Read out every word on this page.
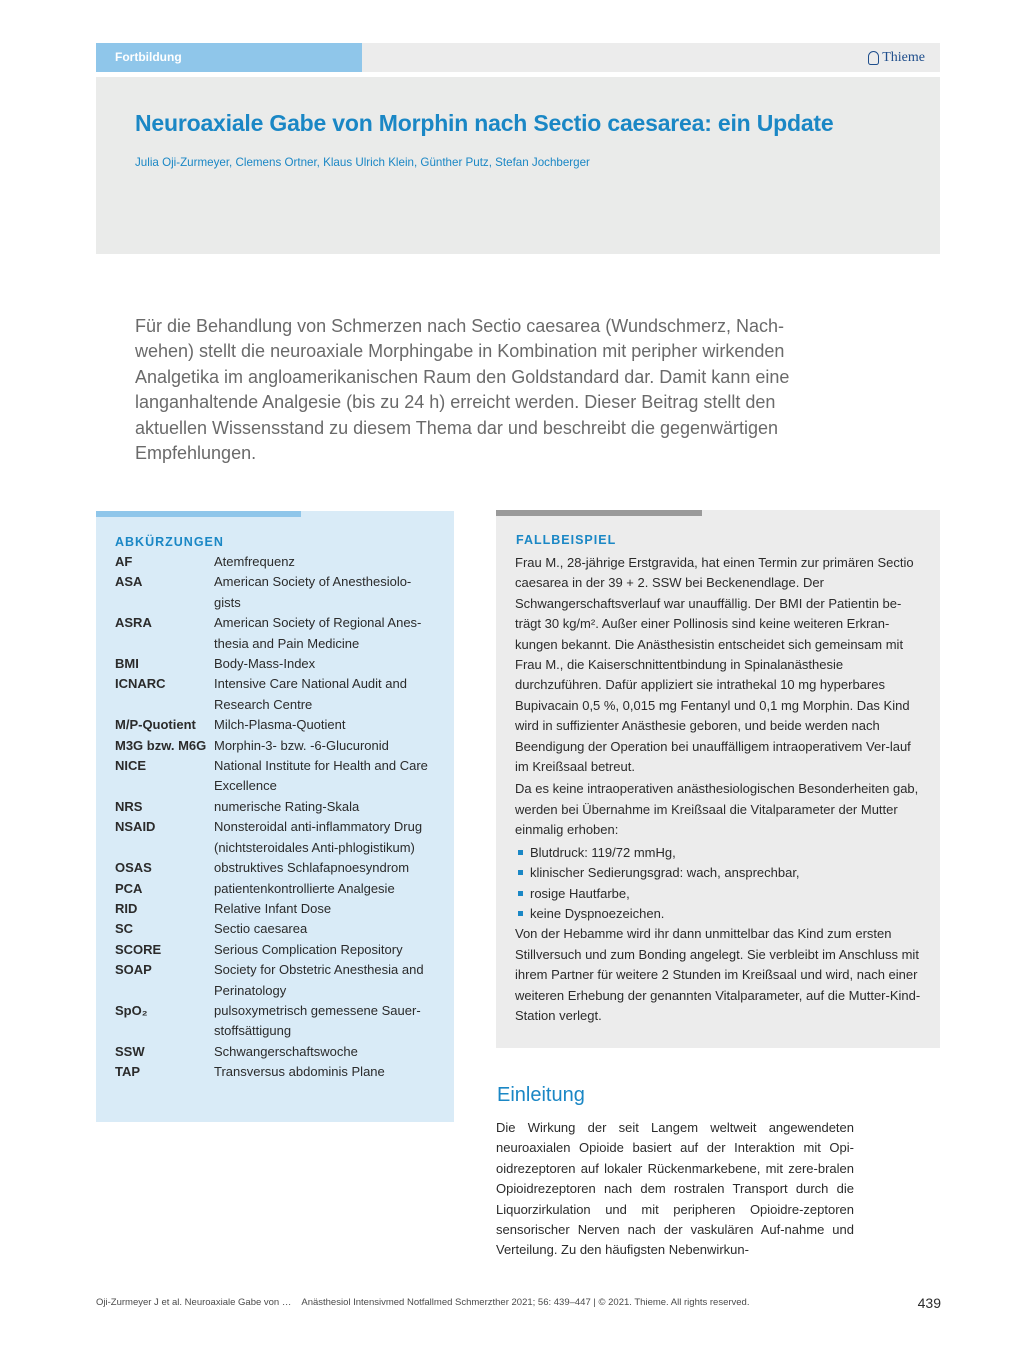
Fortbildung	Thieme
Neuroaxiale Gabe von Morphin nach Sectio caesarea: ein Update
Julia Oji-Zurmeyer, Clemens Ortner, Klaus Ulrich Klein, Günther Putz, Stefan Jochberger

Für die Behandlung von Schmerzen nach Sectio caesarea (Wundschmerz, Nach-wehen) stellt die neuroaxiale Morphingabe in Kombination mit peripher wirkenden Analgetika im angloamerikanischen Raum den Goldstandard dar. Damit kann eine langanhaltende Analgesie (bis zu 24 h) erreicht werden. Dieser Beitrag stellt den aktuellen Wissensstand zu diesem Thema dar und beschreibt die gegenwärtigen Empfehlungen.

ABKÜRZUNGEN
AF	Atemfrequenz
ASA	American Society of Anesthesiolo-gists
ASRA	American Society of Regional Anes-thesia and Pain Medicine
BMI	Body-Mass-Index
ICNARC	Intensive Care National Audit and Research Centre
M/P-Quotient	Milch-Plasma-Quotient
M3G bzw. M6G	Morphin-3- bzw. -6-Glucuronid
NICE	National Institute for Health and Care Excellence
NRS	numerische Rating-Skala
NSAID	Nonsteroidal anti-inflammatory Drug (nichtsteroidales Anti-phlogistikum)
OSAS	obstruktives Schlafapnoesyndrom
PCA	patientenkontrollierte Analgesie
RID	Relative Infant Dose
SC	Sectio caesarea
SCORE	Serious Complication Repository
SOAP	Society for Obstetric Anesthesia and Perinatology
SpO₂	pulsoxymetrisch gemessene Sauer-stoffsättigung
SSW	Schwangerschaftswoche
TAP	Transversus abdominis Plane
FALLBEISPIEL

Frau M., 28-jährige Erstgravida, hat einen Termin zur primären Sectio caesarea in der 39 + 2. SSW bei Beckenendlage. Der Schwangerschaftsverlauf war unauffällig. Der BMI der Patientin be-trägt 30 kg/m². Außer einer Pollinosis sind keine weiteren Erkran-kungen bekannt. Die Anästhesistin entscheidet sich gemeinsam mit Frau M., die Kaiserschnittentbindung in Spinalanästhesie durchzuführen. Dafür appliziert sie intrathekal 10 mg hyperbares Bupivacain 0,5 %, 0,015 mg Fentanyl und 0,1 mg Morphin. Das Kind wird in suffizienter Anästhesie geboren, und beide werden nach Beendigung der Operation bei unauffälligem intraoperativem Ver-lauf im Kreißsaal betreut.

Da es keine intraoperativen anästhesiologischen Besonderheiten gab, werden bei Übernahme im Kreißsaal die Vitalparameter der Mutter einmalig erhoben:

Blutdruck: 119/72 mmHg,
klinischer Sedierungsgrad: wach, ansprechbar,
rosige Hautfarbe,
keine Dyspnoezeichen.

Von der Hebamme wird ihr dann unmittelbar das Kind zum ersten Stillversuch und zum Bonding angelegt. Sie verbleibt im Anschluss mit ihrem Partner für weitere 2 Stunden im Kreißsaal und wird, nach einer weiteren Erhebung der genannten Vitalparameter, auf die Mutter-Kind-Station verlegt.

Einleitung

Die Wirkung der seit Langem weltweit angewendeten neuroaxialen Opioide basiert auf der Interaktion mit Opi-oidrezeptoren auf lokaler Rückenmarkebene, mit zere-bralen Opioidrezeptoren nach dem rostralen Transport durch die Liquorzirkulation und mit peripheren Opioidre-zeptoren sensorischer Nerven nach der vaskulären Auf-nahme und Verteilung. Zu den häufigsten Nebenwirkun-

Oji-Zurmeyer J et al. Neuroaxiale Gabe von … Anästhesiol Intensivmed Notfallmed Schmerzther 2021; 56: 439–447 | © 2021. Thieme. All rights reserved.	439
